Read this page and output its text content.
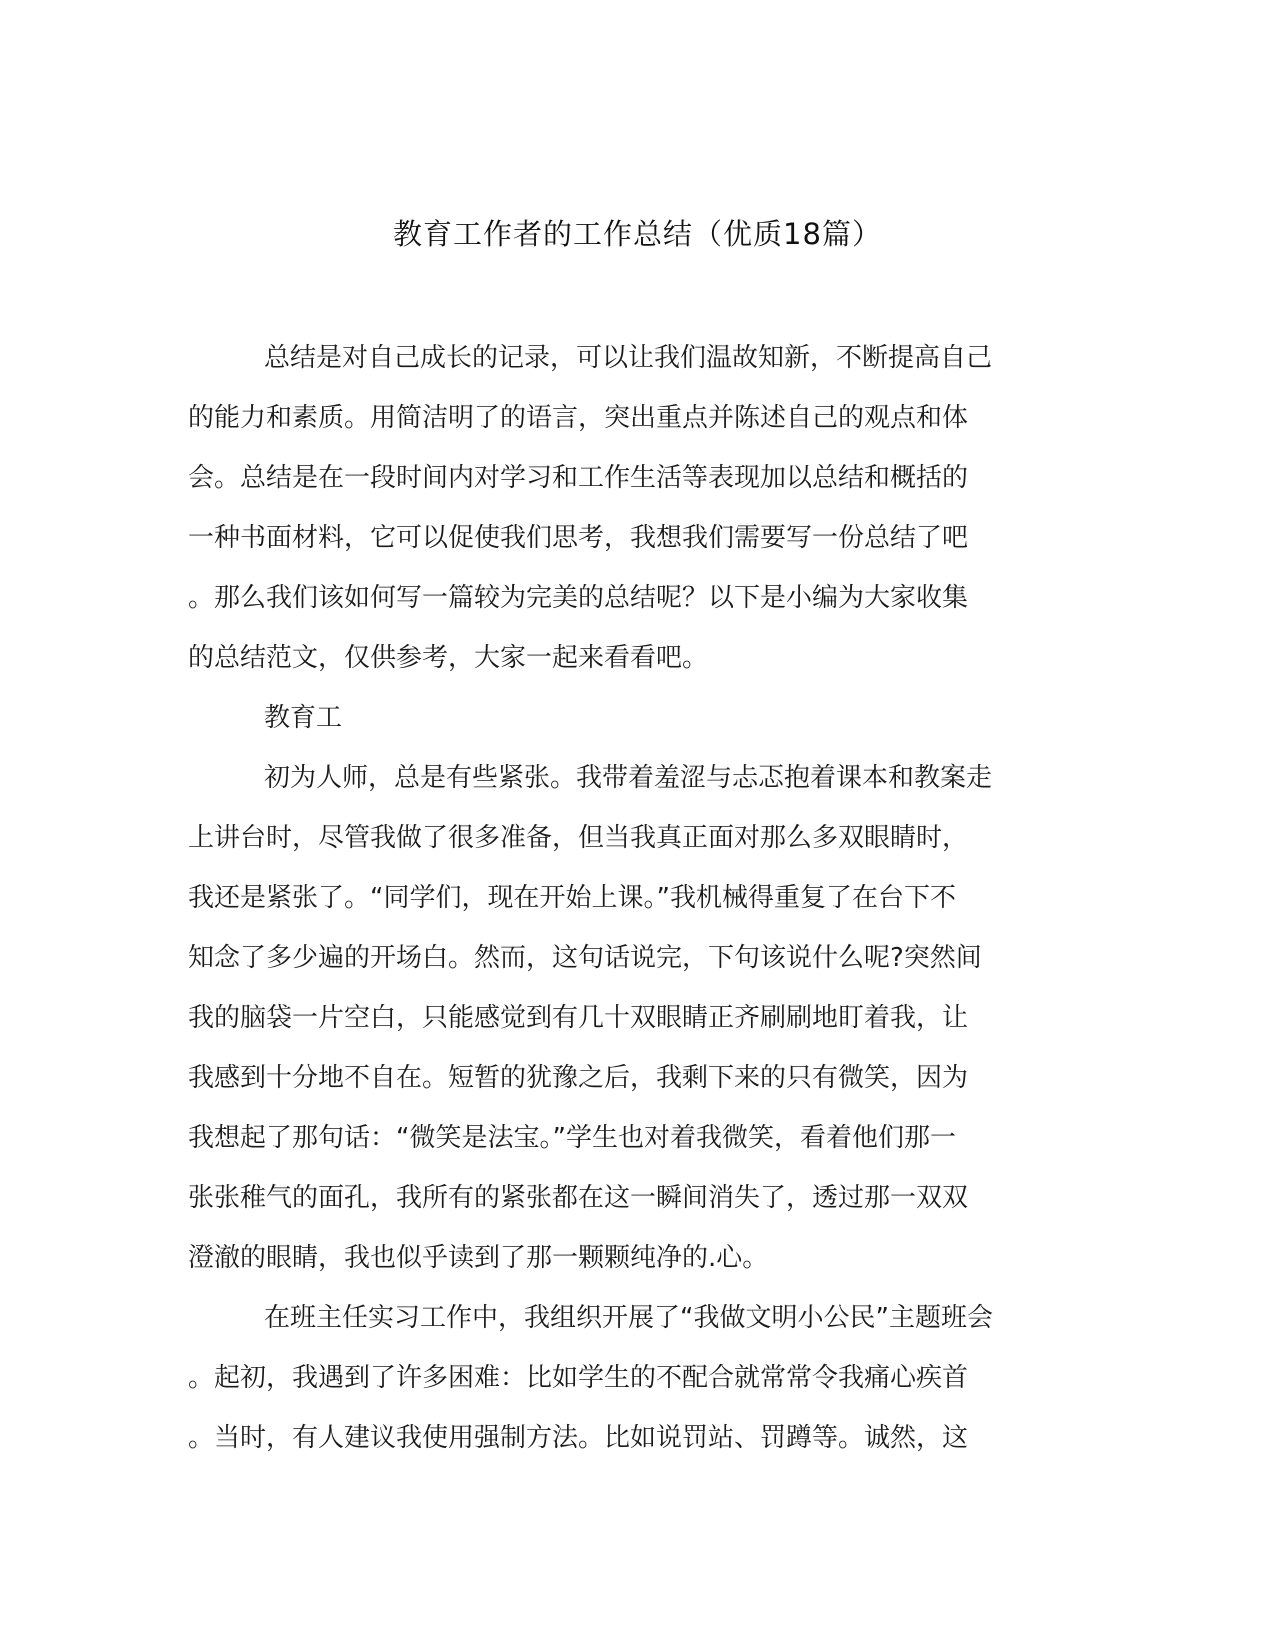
教育工作者的工作总结（优质18篇）
总结是对自己成长的记录，可以让我们温故知新，不断提高自己
的能力和素质。用简洁明了的语言，突出重点并陈述自己的观点和体
会。总结是在一段时间内对学习和工作生活等表现加以总结和概括的
一种书面材料，它可以促使我们思考，我想我们需要写一份总结了吧
。那么我们该如何写一篇较为完美的总结呢？以下是小编为大家收集
的总结范文，仅供参考，大家一起来看看吧。
教育工
初为人师，总是有些紧张。我带着羞涩与忐忑抱着课本和教案走
上讲台时，尽管我做了很多准备，但当我真正面对那么多双眼睛时，
我还是紧张了。“同学们，现在开始上课。”我机械得重复了在台下不
知念了多少遍的开场白。然而，这句话说完，下句该说什么呢?突然间
我的脑袋一片空白，只能感觉到有几十双眼睛正齐刷刷地盯着我，让
我感到十分地不自在。短暂的犹豫之后，我剩下来的只有微笑，因为
我想起了那句话：“微笑是法宝。”学生也对着我微笑，看着他们那一
张张稚气的面孔，我所有的紧张都在这一瞬间消失了，透过那一双双
澄澈的眼睛，我也似乎读到了那一颗颗纯净的.心。
在班主任实习工作中，我组织开展了“我做文明小公民”主题班会
。起初，我遇到了许多困难：比如学生的不配合就常常令我痛心疾首
。当时，有人建议我使用强制方法。比如说罚站、罚蹲等。诚然，这
